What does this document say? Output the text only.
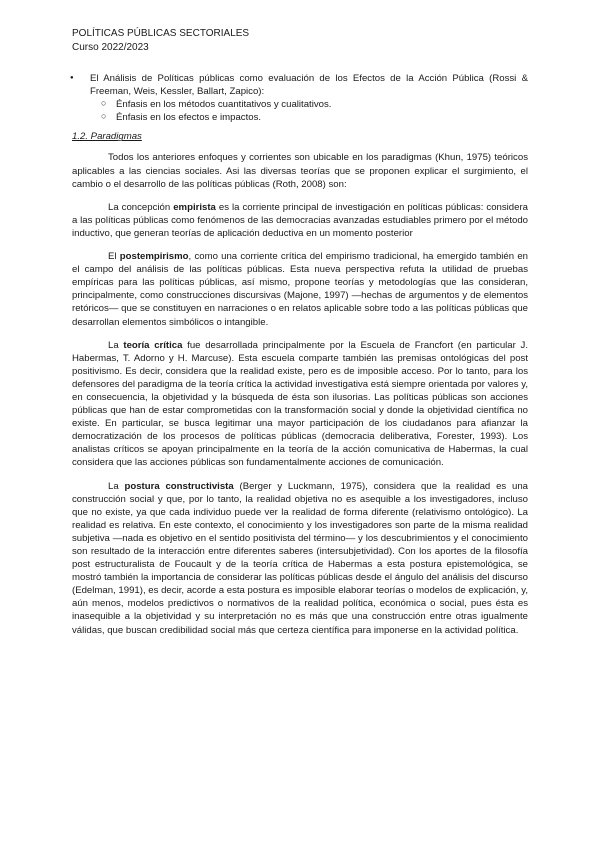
POLÍTICAS PÚBLICAS SECTORIALES
Curso 2022/2023
● El Análisis de Políticas públicas como evaluación de los Efectos de la Acción Pública (Rossi & Freeman, Weis, Kessler, Ballart, Zapico):
○ Énfasis en los métodos cuantitativos y cualitativos.
○ Énfasis en los efectos e impactos.
1.2. Paradigmas

Todos los anteriores enfoques y corrientes son ubicable en los paradigmas (Khun, 1975) teóricos aplicables a las ciencias sociales. Asi las diversas teorías que se proponen explicar el surgimiento, el cambio o el desarrollo de las políticas públicas (Roth, 2008) son:

La concepción empirista es la corriente principal de investigación en políticas públicas: considera a las políticas públicas como fenómenos de las democracias avanzadas estudiables primero por el método inductivo, que generan teorías de aplicación deductiva en un momento posterior

El postempirismo, como una corriente crítica del empirismo tradicional, ha emergido también en el campo del análisis de las políticas públicas. Esta nueva perspectiva refuta la utilidad de pruebas empíricas para las políticas públicas, así mismo, propone teorías y metodologías que las consideran, principalmente, como construcciones discursivas (Majone, 1997) —hechas de argumentos y de elementos retóricos— que se constituyen en narraciones o en relatos aplicable sobre todo a las políticas públicas que desarrollan elementos simbólicos o intangible.

La teoría crítica fue desarrollada principalmente por la Escuela de Francfort (en particular J. Habermas, T. Adorno y H. Marcuse). Esta escuela comparte también las premisas ontológicas del post positivismo. Es decir, considera que la realidad existe, pero es de imposible acceso. Por lo tanto, para los defensores del paradigma de la teoría crítica la actividad investigativa está siempre orientada por valores y, en consecuencia, la objetividad y la búsqueda de ésta son ilusorias. Las políticas públicas son acciones públicas que han de estar comprometidas con la transformación social y donde la objetividad científica no existe. En particular, se busca legitimar una mayor participación de los ciudadanos para afianzar la democratización de los procesos de políticas públicas (democracia deliberativa, Forester, 1993). Los analistas críticos se apoyan principalmente en la teoría de la acción comunicativa de Habermas, la cual considera que las acciones públicas son fundamentalmente acciones de comunicación.

La postura constructivista (Berger y Luckmann, 1975), considera que la realidad es una construcción social y que, por lo tanto, la realidad objetiva no es asequible a los investigadores, incluso que no existe, ya que cada individuo puede ver la realidad de forma diferente (relativismo ontológico). La realidad es relativa. En este contexto, el conocimiento y los investigadores son parte de la misma realidad subjetiva —nada es objetivo en el sentido positivista del término— y los descubrimientos y el conocimiento son resultado de la interacción entre diferentes saberes (intersubjetividad). Con los aportes de la filosofía post estructuralista de Foucault y de la teoría crítica de Habermas a esta postura epistemológica, se mostró también la importancia de considerar las políticas públicas desde el ángulo del análisis del discurso (Edelman, 1991), es decir, acorde a esta postura es imposible elaborar teorías o modelos de explicación, y, aún menos, modelos predictivos o normativos de la realidad política, económica o social, pues ésta es inasequible a la objetividad y su interpretación no es más que una construcción entre otras igualmente válidas, que buscan credibilidad social más que certeza científica para imponerse en la actividad política.
